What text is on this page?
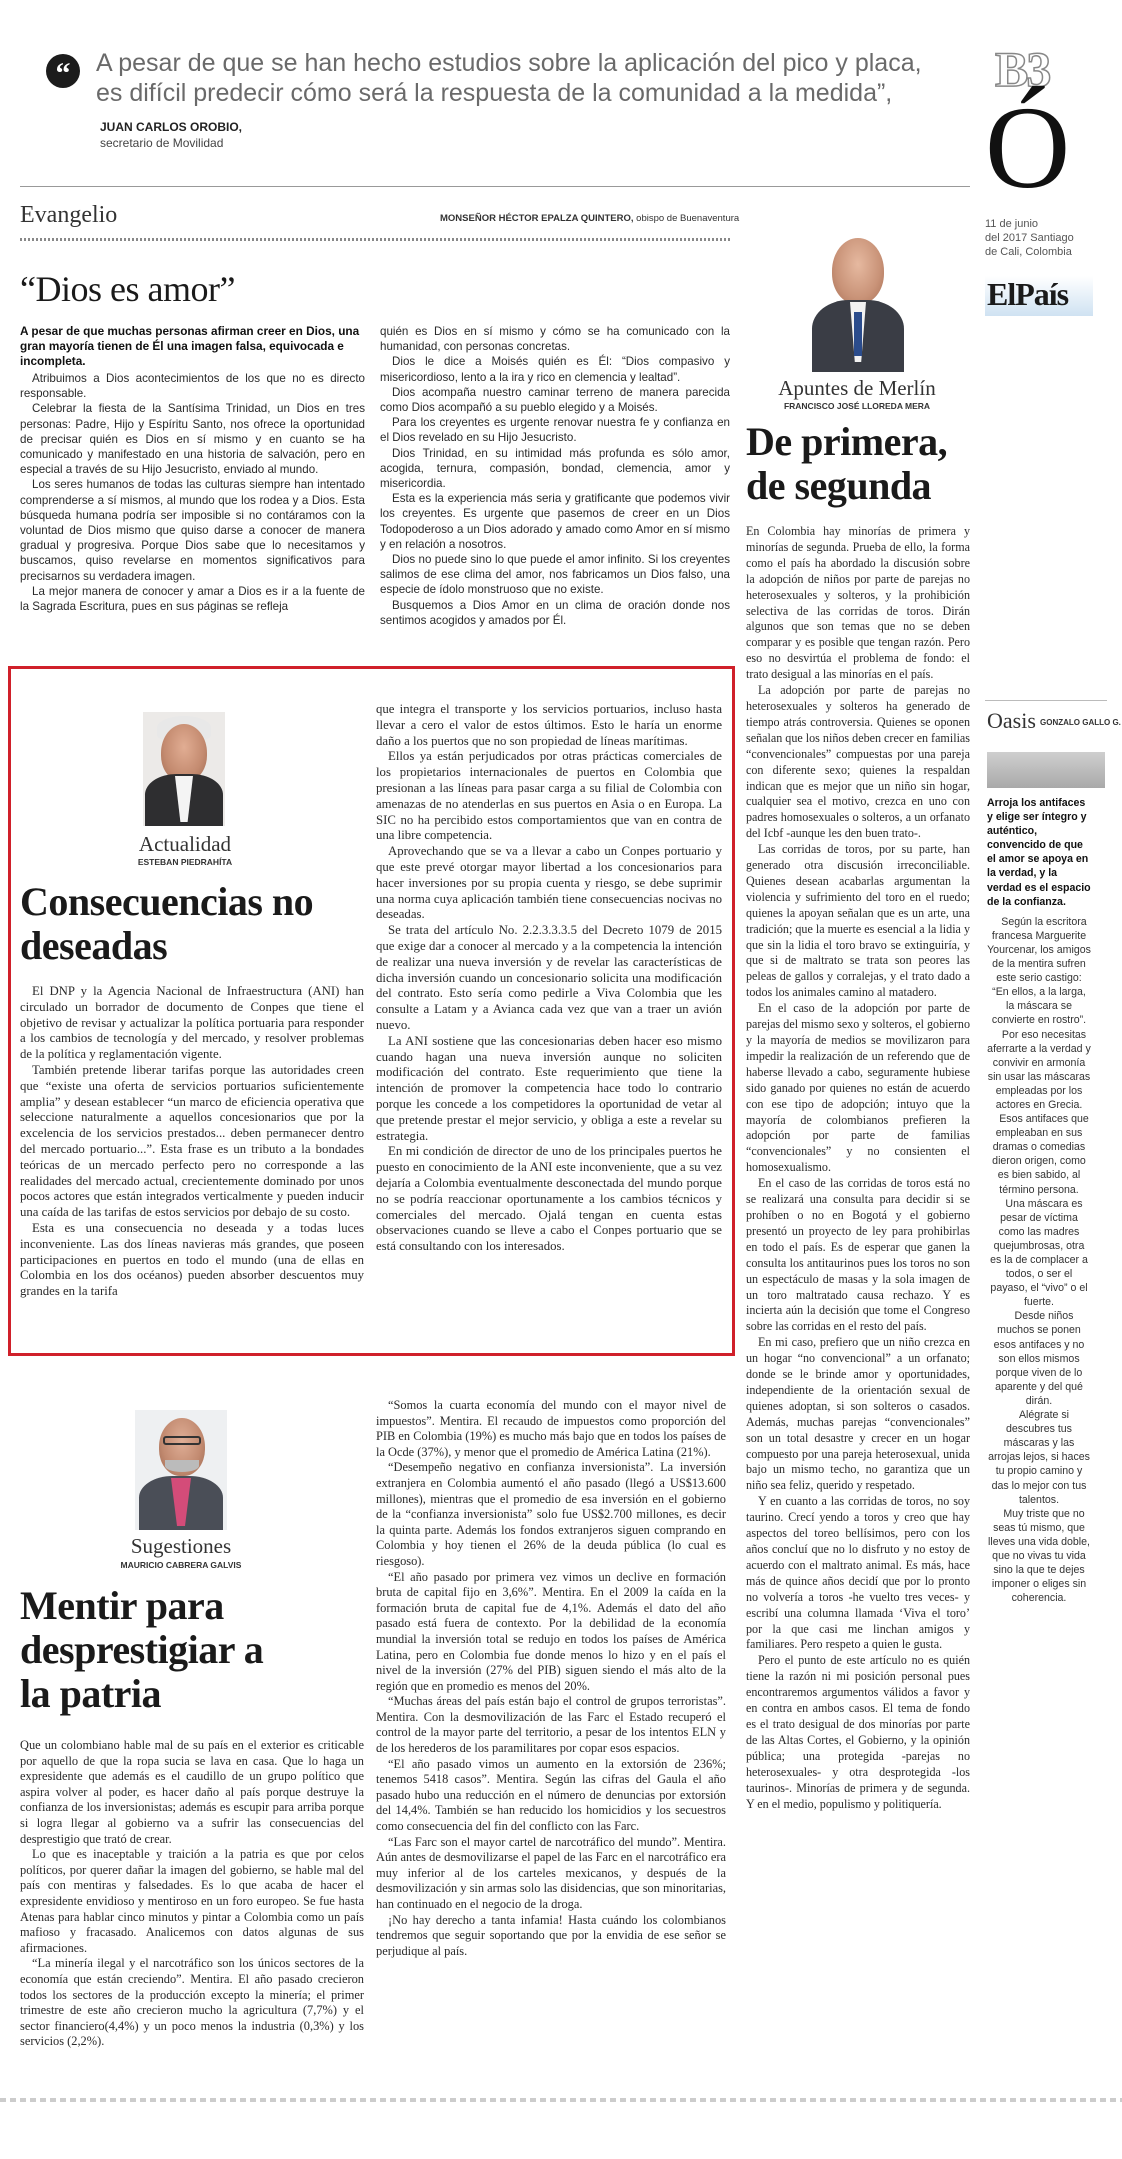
“	A pesar de que se han hecho estudios sobre la aplicación del pico y placa,
es difícil predecir cómo será la respuesta de la comunidad a la medida”,
JUAN CARLOS OROBIO,
secretario de Movilidad
B3
Ó
11 de junio
del 2017 Santiago
de Cali, Colombia
ElPaís
Evangelio	MONSEÑOR HÉCTOR EPALZA QUINTERO, obispo de Buenaventura
“Dios es amor”
A pesar de que muchas personas afirman creer en Dios, una gran mayoría tienen de Él una imagen falsa, equivocada e incompleta.

Atribuimos a Dios acontecimientos de los que no es directo responsable.

Celebrar la fiesta de la Santísima Trinidad, un Dios en tres personas: Padre, Hijo y Espíritu Santo, nos ofrece la oportunidad de precisar quién es Dios en sí mismo y en cuanto se ha comunicado y manifestado en una historia de salvación, pero en especial a través de su Hijo Jesucristo, enviado al mundo.

Los seres humanos de todas las culturas siempre han intentado comprenderse a sí mismos, al mundo que los rodea y a Dios. Esta búsqueda humana podría ser imposible si no contáramos con la voluntad de Dios mismo que quiso darse a conocer de manera gradual y progresiva. Porque Dios sabe que lo necesitamos y buscamos, quiso revelarse en momentos significativos para precisarnos su verdadera imagen.

La mejor manera de conocer y amar a Dios es ir a la fuente de la Sagrada Escritura, pues en sus páginas se refleja

quién es Dios en sí mismo y cómo se ha comunicado con la humanidad, con personas concretas.

Dios le dice a Moisés quién es Él: “Dios compasivo y misericordioso, lento a la ira y rico en clemencia y lealtad”.

Dios acompaña nuestro caminar terreno de manera parecida como Dios acompañó a su pueblo elegido y a Moisés.

Para los creyentes es urgente renovar nuestra fe y confianza en el Dios revelado en su Hijo Jesucristo.

Dios Trinidad, en su intimidad más profunda es sólo amor, acogida, ternura, compasión, bondad, clemencia, amor y misericordia.

Esta es la experiencia más seria y gratificante que podemos vivir los creyentes. Es urgente que pasemos de creer en un Dios Todopoderoso a un Dios adorado y amado como Amor en sí mismo y en relación a nosotros.

Dios no puede sino lo que puede el amor infinito. Si los creyentes salimos de ese clima del amor, nos fabricamos un Dios falso, una especie de ídolo monstruoso que no existe.

Busquemos a Dios Amor en un clima de oración donde nos sentimos acogidos y amados por Él.

Apuntes de Merlín
FRANCISCO JOSÉ LLOREDA MERA
De primera,
de segunda

En Colombia hay minorías de primera y minorías de segunda. Prueba de ello, la forma como el país ha abordado la discusión sobre la adopción de niños por parte de parejas no heterosexuales y solteros, y la prohibición selectiva de las corridas de toros. Dirán algunos que son temas que no se deben comparar y es posible que tengan razón. Pero eso no desvirtúa el problema de fondo: el trato desigual a las minorías en el país.

La adopción por parte de parejas no heterosexuales y solteros ha generado de tiempo atrás controversia. Quienes se oponen señalan que los niños deben crecer en familias “convencionales” compuestas por una pareja con diferente sexo; quienes la respaldan indican que es mejor que un niño sin hogar, cualquier sea el motivo, crezca en uno con padres homosexuales o solteros, a un orfanato del Icbf -aunque les den buen trato-.

Las corridas de toros, por su parte, han generado otra discusión irreconciliable. Quienes desean acabarlas argumentan la violencia y sufrimiento del toro en el ruedo; quienes la apoyan señalan que es un arte, una tradición; que la muerte es esencial a la lidia y que sin la lidia el toro bravo se extinguiría, y que si de maltrato se trata son peores las peleas de gallos y corralejas, y el trato dado a todos los animales camino al matadero.

En el caso de la adopción por parte de parejas del mismo sexo y solteros, el gobierno y la mayoría de medios se movilizaron para impedir la realización de un referendo que de haberse llevado a cabo, seguramente hubiese sido ganado por quienes no están de acuerdo con ese tipo de adopción; intuyo que la mayoría de colombianos prefieren la adopción por parte de familias “convencionales” y no consienten el homosexualismo.

En el caso de las corridas de toros está no se realizará una consulta para decidir si se prohíben o no en Bogotá y el gobierno presentó un proyecto de ley para prohibirlas en todo el país. Es de esperar que ganen la consulta los antitaurinos pues los toros no son un espectáculo de masas y la sola imagen de un toro maltratado causa rechazo. Y es incierta aún la decisión que tome el Congreso sobre las corridas en el resto del país.

En mi caso, prefiero que un niño crezca en un hogar “no convencional” a un orfanato; donde se le brinde amor y oportunidades, independiente de la orientación sexual de quienes adoptan, si son solteros o casados. Además, muchas parejas “convencionales” son un total desastre y crecer en un hogar compuesto por una pareja heterosexual, unida bajo un mismo techo, no garantiza que un niño sea feliz, querido y respetado.

Y en cuanto a las corridas de toros, no soy taurino. Crecí yendo a toros y creo que hay aspectos del toreo bellísimos, pero con los años concluí que no lo disfruto y no estoy de acuerdo con el maltrato animal. Es más, hace más de quince años decidí que por lo pronto no volvería a toros -he vuelto tres veces- y escribí una columna llamada ‘Viva el toro’ por la que casi me linchan amigos y familiares. Pero respeto a quien le gusta.

Pero el punto de este artículo no es quién tiene la razón ni mi posición personal pues encontraremos argumentos válidos a favor y en contra en ambos casos. El tema de fondo es el trato desigual de dos minorías por parte de las Altas Cortes, el Gobierno, y la opinión pública; una protegida -parejas no heterosexuales- y otra desprotegida -los taurinos-. Minorías de primera y de segunda. Y en el medio, populismo y politiquería.

Oasis GONZALO GALLO G.
Arroja los antifaces y elige ser íntegro y auténtico, convencido de que el amor se apoya en la verdad, y la verdad es el espacio de la confianza.

Según la escritora francesa Marguerite Yourcenar, los amigos de la mentira sufren este serio castigo: “En ellos, a la larga, la máscara se convierte en rostro”.

Por eso necesitas aferrarte a la verdad y convivir en armonía sin usar las máscaras empleadas por los actores en Grecia.

Esos antifaces que empleaban en sus dramas o comedias dieron origen, como es bien sabido, al término persona.

Una máscara es pesar de víctima como las madres quejumbrosas, otra es la de complacer a todos, o ser el payaso, el “vivo” o el fuerte.

Desde niños muchos se ponen esos antifaces y no son ellos mismos porque viven de lo aparente y del qué dirán.

Alégrate si descubres tus máscaras y las arrojas lejos, si haces tu propio camino y das lo mejor con tus talentos.

Muy triste que no seas tú mismo, que lleves una vida doble, que no vivas tu vida sino la que te dejes imponer o eliges sin coherencia.

Actualidad
ESTEBAN PIEDRAHÍTA
Consecuencias no
deseadas

El DNP y la Agencia Nacional de Infraestructura (ANI) han circulado un borrador de documento de Conpes que tiene el objetivo de revisar y actualizar la política portuaria para responder a los cambios de tecnología y del mercado, y resolver problemas de la política y reglamentación vigente.

También pretende liberar tarifas porque las autoridades creen que “existe una oferta de servicios portuarios suficientemente amplia” y desean establecer “un marco de eficiencia operativa que seleccione naturalmente a aquellos concesionarios que por la excelencia de los servicios prestados... deben permanecer dentro del mercado portuario...”. Esta frase es un tributo a la bondades teóricas de un mercado perfecto pero no corresponde a las realidades del mercado actual, crecientemente dominado por unos pocos actores que están integrados verticalmente y pueden inducir una caída de las tarifas de estos servicios por debajo de su costo.

Esta es una consecuencia no deseada y a todas luces inconveniente. Las dos líneas navieras más grandes, que poseen participaciones en puertos en todo el mundo (una de ellas en Colombia en los dos océanos) pueden absorber descuentos muy grandes en la tarifa

que integra el transporte y los servicios portuarios, incluso hasta llevar a cero el valor de estos últimos. Esto le haría un enorme daño a los puertos que no son propiedad de líneas marítimas.

Ellos ya están perjudicados por otras prácticas comerciales de los propietarios internacionales de puertos en Colombia que presionan a las líneas para pasar carga a su filial de Colombia con amenazas de no atenderlas en sus puertos en Asia o en Europa. La SIC no ha percibido estos comportamientos que van en contra de una libre competencia.

Aprovechando que se va a llevar a cabo un Conpes portuario y que este prevé otorgar mayor libertad a los concesionarios para hacer inversiones por su propia cuenta y riesgo, se debe suprimir una norma cuya aplicación también tiene consecuencias nocivas no deseadas.

Se trata del artículo No. 2.2.3.3.3.5 del Decreto 1079 de 2015 que exige dar a conocer al mercado y a la competencia la intención de realizar una nueva inversión y de revelar las características de dicha inversión cuando un concesionario solicita una modificación del contrato. Esto sería como pedirle a Viva Colombia que les consulte a Latam y a Avianca cada vez que van a traer un avión nuevo.

La ANI sostiene que las concesionarias deben hacer eso mismo cuando hagan una nueva inversión aunque no soliciten modificación del contrato. Este requerimiento que tiene la intención de promover la competencia hace todo lo contrario porque les concede a los competidores la oportunidad de vetar al que pretende prestar el mejor servicio, y obliga a este a revelar su estrategia.

En mi condición de director de uno de los principales puertos he puesto en conocimiento de la ANI este inconveniente, que a su vez dejaría a Colombia eventualmente desconectada del mundo porque no se podría reaccionar oportunamente a los cambios técnicos y comerciales del mercado. Ojalá tengan en cuenta estas observaciones cuando se lleve a cabo el Conpes portuario que se está consultando con los interesados.

Sugestiones
MAURICIO CABRERA GALVIS
Mentir para
desprestigiar a
la patria

Que un colombiano hable mal de su país en el exterior es criticable por aquello de que la ropa sucia se lava en casa. Que lo haga un expresidente que además es el caudillo de un grupo político que aspira volver al poder, es hacer daño al país porque destruye la confianza de los inversionistas; además es escupir para arriba porque si logra llegar al gobierno va a sufrir las consecuencias del desprestigio que trató de crear.

Lo que es inaceptable y traición a la patria es que por celos políticos, por querer dañar la imagen del gobierno, se hable mal del país con mentiras y falsedades. Es lo que acaba de hacer el expresidente envidioso y mentiroso en un foro europeo. Se fue hasta Atenas para hablar cinco minutos y pintar a Colombia como un país mafioso y fracasado. Analicemos con datos algunas de sus afirmaciones.

“La minería ilegal y el narcotráfico son los únicos sectores de la economía que están creciendo”. Mentira. El año pasado crecieron todos los sectores de la producción excepto la minería; el primer trimestre de este año crecieron mucho la agricultura (7,7%) y el sector financiero(4,4%) y un poco menos la industria (0,3%) y los servicios (2,2%).

“Somos la cuarta economía del mundo con el mayor nivel de impuestos”. Mentira. El recaudo de impuestos como proporción del PIB en Colombia (19%) es mucho más bajo que en todos los países de la Ocde (37%), y menor que el promedio de América Latina (21%).

“Desempeño negativo en confianza inversionista”. La inversión extranjera en Colombia aumentó el año pasado (llegó a US$13.600 millones), mientras que el promedio de esa inversión en el gobierno de la “confianza inversionista” solo fue US$2.700 millones, es decir la quinta parte. Además los fondos extranjeros siguen comprando en Colombia y hoy tienen el 26% de la deuda pública (lo cual es riesgoso).

“El año pasado por primera vez vimos un declive en formación bruta de capital fijo en 3,6%”. Mentira. En el 2009 la caída en la formación bruta de capital fue de 4,1%. Además el dato del año pasado está fuera de contexto. Por la debilidad de la economía mundial la inversión total se redujo en todos los países de América Latina, pero en Colombia fue donde menos lo hizo y en el país el nivel de la inversión (27% del PIB) siguen siendo el más alto de la región que en promedio es menos del 20%.

“Muchas áreas del país están bajo el control de grupos terroristas”. Mentira. Con la desmovilización de las Farc el Estado recuperó el control de la mayor parte del territorio, a pesar de los intentos ELN y de los herederos de los paramilitares por copar esos espacios.

“El año pasado vimos un aumento en la extorsión de 236%; tenemos 5418 casos”. Mentira. Según las cifras del Gaula el año pasado hubo una reducción en el número de denuncias por extorsión del 14,4%. También se han reducido los homicidios y los secuestros como consecuencia del fin del conflicto con las Farc.

“Las Farc son el mayor cartel de narcotráfico del mundo”. Mentira. Aún antes de desmovilizarse el papel de las Farc en el narcotráfico era muy inferior al de los carteles mexicanos, y después de la desmovilización y sin armas solo las disidencias, que son minoritarias, han continuado en el negocio de la droga.

¡No hay derecho a tanta infamia! Hasta cuándo los colombianos tendremos que seguir soportando que por la envidia de ese señor se perjudique al país.
